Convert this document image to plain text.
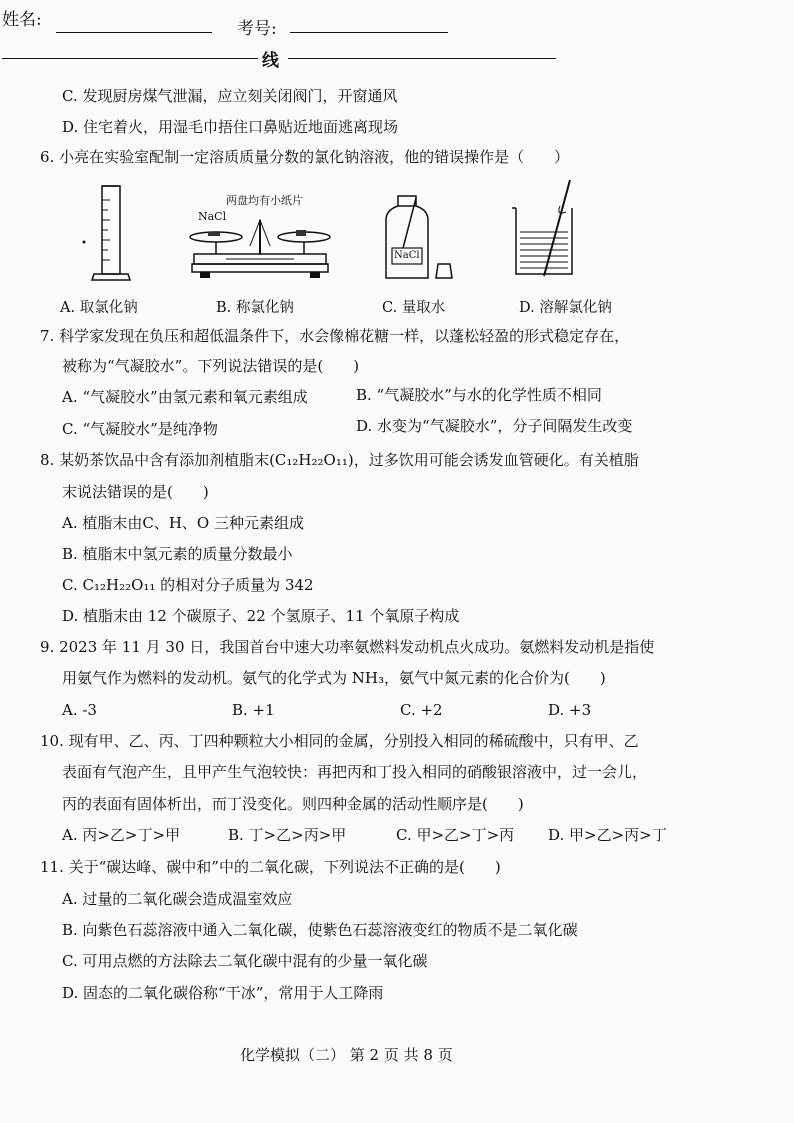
姓名:	考号:
线
C. 发现厨房煤气泄漏，应立刻关闭阀门，开窗通风
D. 住宅着火，用湿毛巾捂住口鼻贴近地面逃离现场
6. 小亮在实验室配制一定溶质质量分数的氯化钠溶液，他的错误操作是（　　）
两盘均有小纸片
NaCl
NaCl
A. 取氯化钠	B. 称氯化钠	C. 量取水	D. 溶解氯化钠
7. 科学家发现在负压和超低温条件下，水会像棉花糖一样，以蓬松轻盈的形式稳定存在，
被称为“气凝胶水”。下列说法错误的是(　　)
A. “气凝胶水”由氢元素和氧元素组成	B. “气凝胶水”与水的化学性质不相同
C. “气凝胶水”是纯净物	D. 水变为“气凝胶水”，分子间隔发生改变
8. 某奶茶饮品中含有添加剂植脂末(C₁₂H₂₂O₁₁)，过多饮用可能会诱发血管硬化。有关植脂
末说法错误的是(　　)
A. 植脂末由C、H、O 三种元素组成
B. 植脂末中氢元素的质量分数最小
C. C₁₂H₂₂O₁₁ 的相对分子质量为 342
D. 植脂末由 12 个碳原子、22 个氢原子、11 个氧原子构成
9. 2023 年 11 月 30 日，我国首台中速大功率氨燃料发动机点火成功。氨燃料发动机是指使
用氨气作为燃料的发动机。氨气的化学式为 NH₃，氨气中氮元素的化合价为(　　)
A. -3	B. +1	C. +2	D. +3
10. 现有甲、乙、丙、丁四种颗粒大小相同的金属，分别投入相同的稀硫酸中，只有甲、乙
表面有气泡产生，且甲产生气泡较快：再把丙和丁投入相同的硝酸银溶液中，过一会儿，
丙的表面有固体析出，而丁没变化。则四种金属的活动性顺序是(　　)
A. 丙>乙>丁>甲	B. 丁>乙>丙>甲	C. 甲>乙>丁>丙 D. 甲>乙>丙>丁
11. 关于“碳达峰、碳中和”中的二氧化碳，下列说法不正确的是(　　)
A. 过量的二氧化碳会造成温室效应
B. 向紫色石蕊溶液中通入二氧化碳，使紫色石蕊溶液变红的物质不是二氧化碳
C. 可用点燃的方法除去二氧化碳中混有的少量一氧化碳
D. 固态的二氧化碳俗称“干冰”，常用于人工降雨
化学模拟（二） 第 2 页 共 8 页
